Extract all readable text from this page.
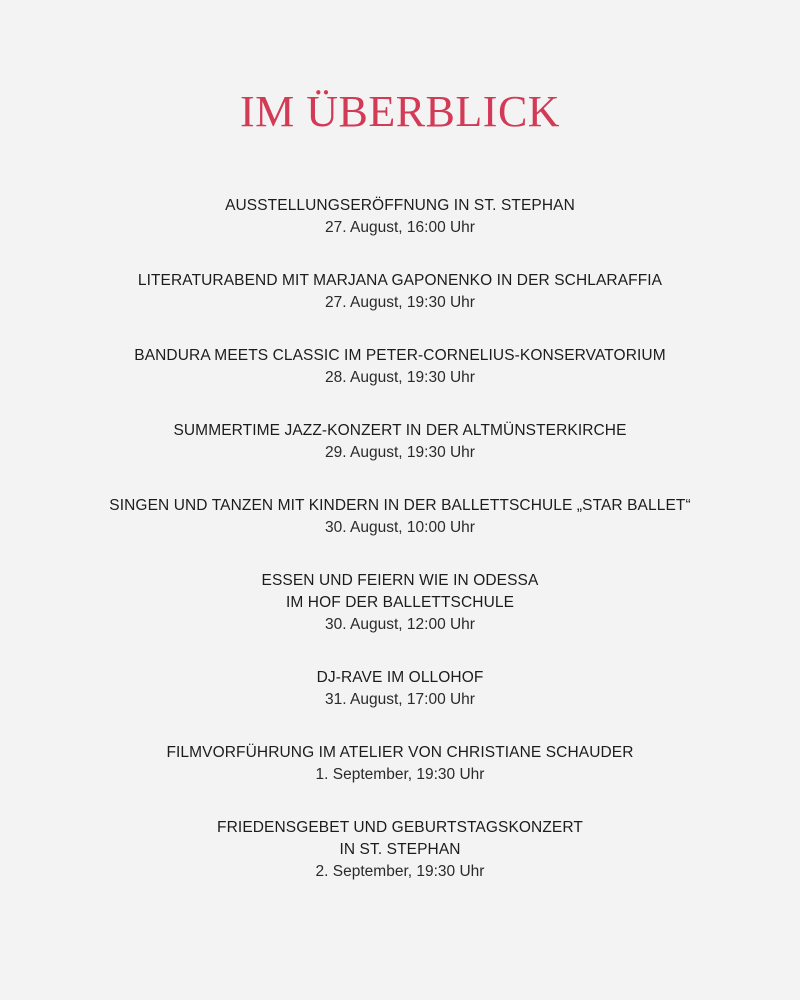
IM ÜBERBLICK
AUSSTELLUNGSERÖFFNUNG IN ST. STEPHAN
27. August, 16:00 Uhr
LITERATURABEND MIT MARJANA GAPONENKO IN DER SCHLARAFFIA
27. August, 19:30 Uhr
BANDURA MEETS CLASSIC IM PETER-CORNELIUS-KONSERVATORIUM
28. August, 19:30 Uhr
SUMMERTIME JAZZ-KONZERT IN DER ALTMÜNSTERKIRCHE
29. August, 19:30 Uhr
SINGEN UND TANZEN MIT KINDERN IN DER BALLETTSCHULE „STAR BALLET“
30. August, 10:00 Uhr
ESSEN UND FEIERN WIE IN ODESSA
IM HOF DER BALLETTSCHULE
30. August, 12:00 Uhr
DJ-RAVE IM OLLOHOF
31. August, 17:00 Uhr
FILMVORFÜHRUNG IM ATELIER VON CHRISTIANE SCHAUDER
1. September, 19:30 Uhr
FRIEDENSGEBET UND GEBURTSTAGSKONZERT
IN ST. STEPHAN
2. September, 19:30 Uhr
